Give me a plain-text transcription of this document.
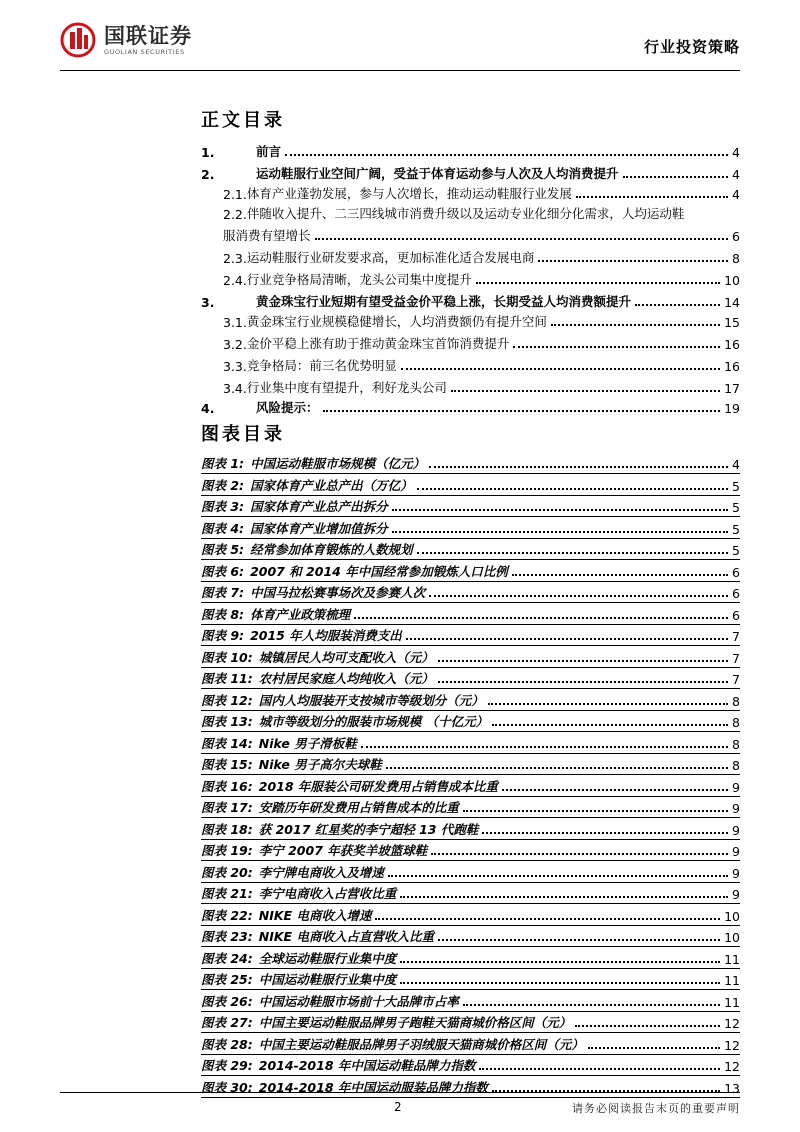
国联证券
GUOLIAN SECURITIES	行业投资策略
正文目录
1.	前言	4
2.	运动鞋服行业空间广阔，受益于体育运动参与人次及人均消费提升	4
2.1. 体育产业蓬勃发展，参与人次增长，推动运动鞋服行业发展	4
2.2. 伴随收入提升、二三四线城市消费升级以及运动专业化细分化需求，人均运动鞋
服消费有望增长	6
2.3. 运动鞋服行业研发要求高，更加标准化适合发展电商	8
2.4. 行业竞争格局清晰，龙头公司集中度提升	10
3.	黄金珠宝行业短期有望受益金价平稳上涨，长期受益人均消费额提升	14
3.1. 黄金珠宝行业规模稳健增长，人均消费额仍有提升空间	15
3.2. 金价平稳上涨有助于推动黄金珠宝首饰消费提升	16
3.3. 竞争格局：前三名优势明显	16
3.4. 行业集中度有望提升，利好龙头公司	17
4.	风险提示：	19
图表目录
图表 1: 中国运动鞋服市场规模（亿元）	4
图表 2: 国家体育产业总产出（万亿）	5
图表 3: 国家体育产业总产出拆分	5
图表 4: 国家体育产业增加值拆分	5
图表 5: 经常参加体育锻炼的人数规划	5
图表 6: 2007 和 2014 年中国经常参加锻炼人口比例	6
图表 7: 中国马拉松赛事场次及参赛人次	6
图表 8: 体育产业政策梳理	6
图表 9: 2015 年人均服装消费支出	7
图表 10: 城镇居民人均可支配收入（元）	7
图表 11: 农村居民家庭人均纯收入（元）	7
图表 12: 国内人均服装开支按城市等级划分（元）	8
图表 13: 城市等级划分的服装市场规模 （十亿元）	8
图表 14: Nike 男子滑板鞋	8
图表 15: Nike 男子高尔夫球鞋	8
图表 16: 2018 年服装公司研发费用占销售成本比重	9
图表 17: 安踏历年研发费用占销售成本的比重	9
图表 18: 获 2017 红星奖的李宁超轻 13 代跑鞋	9
图表 19: 李宁 2007 年获奖羊坡篮球鞋	9
图表 20: 李宁牌电商收入及增速	9
图表 21: 李宁电商收入占营收比重	9
图表 22: NIKE 电商收入增速	10
图表 23: NIKE 电商收入占直营收入比重	10
图表 24: 全球运动鞋服行业集中度	11
图表 25: 中国运动鞋服行业集中度	11
图表 26: 中国运动鞋服市场前十大品牌市占率	11
图表 27: 中国主要运动鞋服品牌男子跑鞋天猫商城价格区间（元）	12
图表 28: 中国主要运动鞋服品牌男子羽绒服天猫商城价格区间（元）	12
图表 29: 2014-2018 年中国运动鞋品牌力指数	12
图表 30: 2014-2018 年中国运动服装品牌力指数	13
2	请务必阅读报告末页的重要声明
